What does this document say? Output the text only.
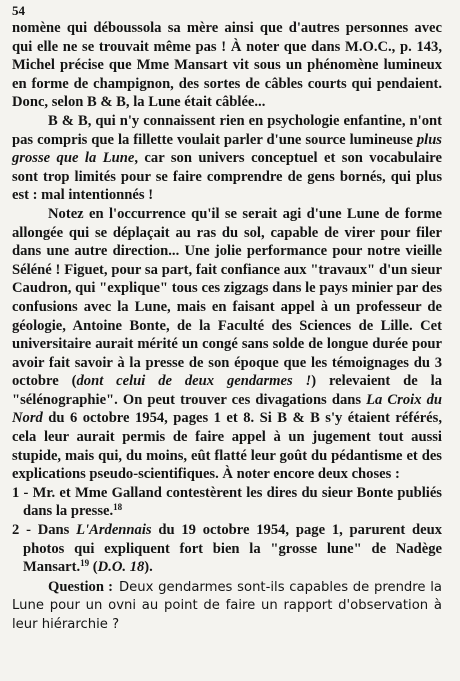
54

nomène qui déboussola sa mère ainsi que d'autres personnes avec qui elle ne se trouvait même pas ! À noter que dans M.O.C., p. 143, Michel précise que Mme Mansart vit sous un phénomène lumineux en forme de champignon, des sortes de câbles courts qui pendaient. Donc, selon B & B, la Lune était câblée...

B & B, qui n'y connaissent rien en psychologie enfantine, n'ont pas compris que la fillette voulait parler d'une source lumineuse plus grosse que la Lune, car son univers conceptuel et son vocabulaire sont trop limités pour se faire comprendre de gens bornés, qui plus est : mal intentionnés !

Notez en l'occurrence qu'il se serait agi d'une Lune de forme allongée qui se déplaçait au ras du sol, capable de virer pour filer dans une autre direction... Une jolie performance pour notre vieille Séléné ! Figuet, pour sa part, fait confiance aux "travaux" d'un sieur Caudron, qui "explique" tous ces zigzags dans le pays minier par des confusions avec la Lune, mais en faisant appel à un professeur de géologie, Antoine Bonte, de la Faculté des Sciences de Lille. Cet universitaire aurait mérité un congé sans solde de longue durée pour avoir fait savoir à la presse de son époque que les témoignages du 3 octobre (dont celui de deux gendarmes !) relevaient de la "sélénographie". On peut trouver ces divagations dans La Croix du Nord du 6 octobre 1954, pages 1 et 8. Si B & B s'y étaient référés, cela leur aurait permis de faire appel à un jugement tout aussi stupide, mais qui, du moins, eût flatté leur goût du pédantisme et des explications pseudo-scientifiques. À noter encore deux choses :

1 - Mr. et Mme Galland contestèrent les dires du sieur Bonte publiés dans la presse.$^{18}$

2 - Dans L'Ardennais du 19 octobre 1954, page 1, parurent deux photos qui expliquent fort bien la "grosse lune" de Nadège Mansart.$^{19}$ (D.O. 18).

Question : Deux gendarmes sont-ils capables de prendre la Lune pour un ovni au point de faire un rapport d'observation à leur hiérarchie ?
